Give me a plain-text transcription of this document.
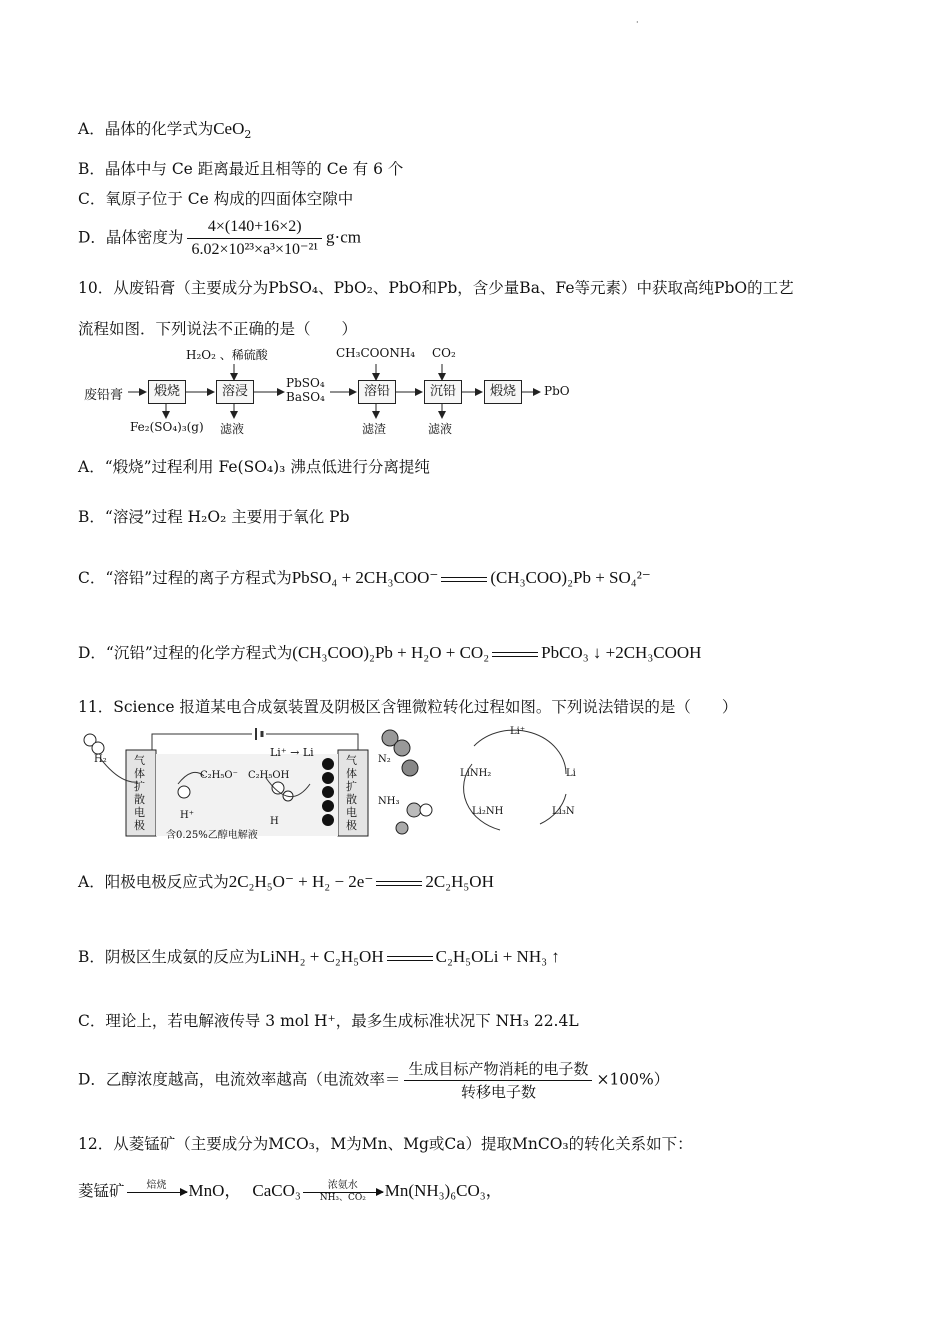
·
A．晶体的化学式为CeO$_2$
B．晶体中与 Ce 距离最近且相等的 Ce 有 6 个
C．氧原子位于 Ce 构成的四面体空隙中
D．晶体密度为 $\frac{4\times(140+16\times 2)}{\text{6.02×10²³×a³×10⁻²¹}} g\cdot cm$
10．从废铅膏（主要成分为PbSO₄、PbO₂、PbO和Pb，含少量Ba、Fe等元素）中获取高纯PbO的工艺
流程如图．下列说法不正确的是（　　）
废铅膏	煅烧
Fe₂(SO₄)₃(g)
H₂O₂ 、稀硫酸
溶浸
滤液
PbSO₄ BaSO₄
CH₃COONH₄
溶铅
滤渣
CO₂
沉铅
滤液
煅烧	PbO
A．“煅烧”过程利用 Fe(SO₄)₃ 沸点低进行分离提纯
B．“溶浸”过程 H₂O₂ 主要用于氧化 Pb
C．“溶铅”过程的离子方程式为PbSO₄ + 2CH₃COO⁻	(CH₃COO)₂Pb + SO₄²⁻
D．“沉铅”过程的化学方程式为(CH₃COO)₂Pb + H₂O + CO₂	PbCO₃ ↓ +2CH₃COOH
11．Science 报道某电合成氨装置及阴极区含锂微粒转化过程如图。下列说法错误的是（　　）
H₂ 气体扩散电极
气体扩散电极
C₂H₅O⁻ C₂H₅OH
H⁺
H
含0.25%乙醇电解液
Li⁺ → Li
N₂
NH₃
Li⁺
LiNH₂	Li
Li₂NH	Li₃N
A．阳极电极反应式为2C₂H₅O⁻ + H₂ − 2e⁻	2C₂H₅OH
B．阴极区生成氨的反应为LiNH₂ + C₂H₅OH	C₂H₅OLi + NH₃ ↑
C．理论上，若电解液传导 3 mol H⁺，最多生成标准状况下 NH₃ 22.4L
D．乙醇浓度越高，电流效率越高（电流效率＝ $\frac{\text{生成目标产物消耗的电子数}}{\text{转移电子数}} \times 100\%$）
12．从菱锰矿（主要成分为MCO₃，M为Mn、Mg或Ca）提取MnCO₃的转化关系如下：
菱锰矿	焙烧
	MnO， CaCO₃	浓氨水
NH₃、CO₂	Mn(NH₃)₆CO₃，
